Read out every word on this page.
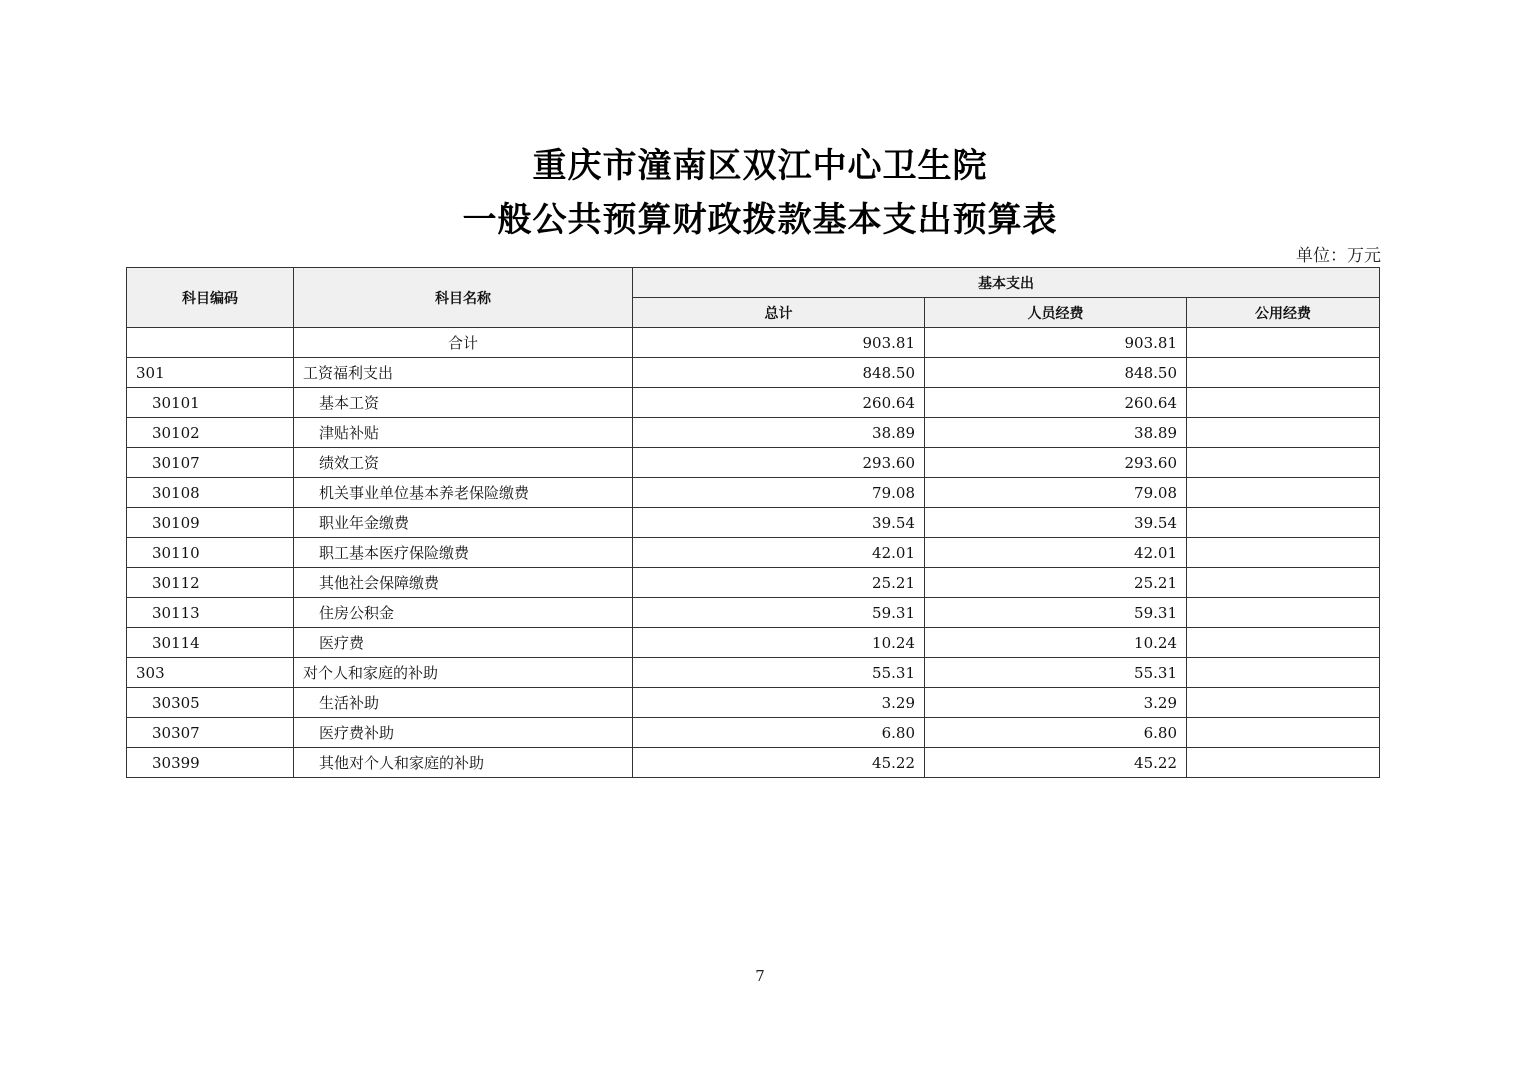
重庆市潼南区双江中心卫生院
一般公共预算财政拨款基本支出预算表
单位：万元
科目编码	科目名称	基本支出		
		总计	人员经费	公用经费
	合计	903.81	903.81	
301	工资福利支出	848.50	848.50	
30101	基本工资	260.64	260.64	
30102	津贴补贴	38.89	38.89	
30107	绩效工资	293.60	293.60	
30108	机关事业单位基本养老保险缴费	79.08	79.08	
30109	职业年金缴费	39.54	39.54	
30110	职工基本医疗保险缴费	42.01	42.01	
30112	其他社会保障缴费	25.21	25.21	
30113	住房公积金	59.31	59.31	
30114	医疗费	10.24	10.24	
303	对个人和家庭的补助	55.31	55.31	
30305	生活补助	3.29	3.29	
30307	医疗费补助	6.80	6.80	
30399	其他对个人和家庭的补助	45.22	45.22	
7
